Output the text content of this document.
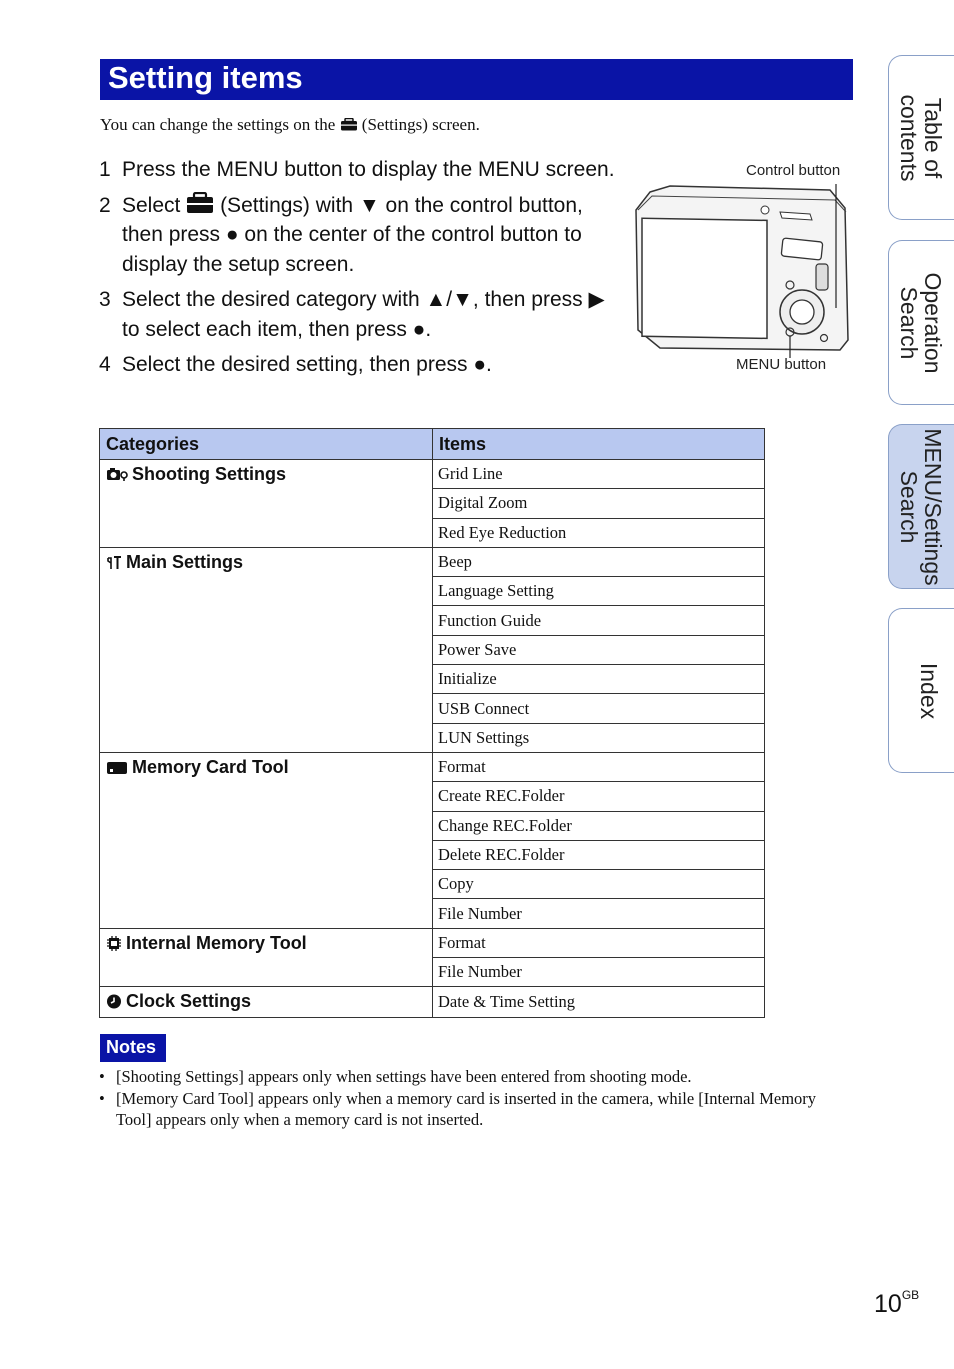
Setting items
You can change the settings on the (Settings) screen.
1 Press the MENU button to display the MENU screen.
2 Select (Settings) with ▼ on the control button, then press ● on the center of the control button to display the setup screen.
3 Select the desired category with ▲/▼, then press ▶ to select each item, then press ●.
4 Select the desired setting, then press ●.
Control button
MENU button
Categories	Items
Shooting Settings	Grid Line
	Digital Zoom
	Red Eye Reduction
Main Settings	Beep
	Language Setting
	Function Guide
	Power Save
	Initialize
	USB Connect
	LUN Settings
Memory Card Tool	Format
	Create REC.Folder
	Change REC.Folder
	Delete REC.Folder
	Copy
	File Number
Internal Memory Tool	Format
	File Number
Clock Settings	Date & Time Setting
Notes
• [Shooting Settings] appears only when settings have been entered from shooting mode.
• [Memory Card Tool] appears only when a memory card is inserted in the camera, while [Internal Memory Tool] appears only when a memory card is not inserted.
Table of contents
Operation Search
MENU/Settings Search
Index
$10^{GB}$
